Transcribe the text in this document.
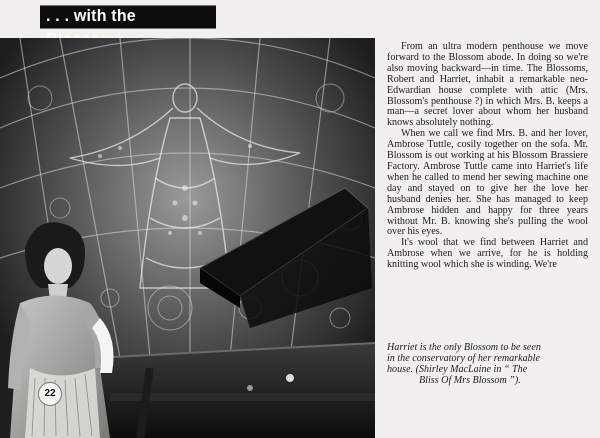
. . . with the
22

From an ultra modern penthouse we move forward to the Blossom abode. In doing so we're also moving backward—in time. The Blossoms, Robert and Harriet, inhabit a remarkable neo-Edwardian house complete with attic (Mrs. Blossom's penthouse ?) in which Mrs. B. keeps a man—a secret lover about whom her husband knows absolutely nothing.

When we call we find Mrs. B. and her lover, Ambrose Tuttle, cosily together on the sofa. Mr. Blossom is out working at his Blossom Brassiere Factory. Ambrose Tuttle came into Harriet's life when he called to mend her sewing machine one day and stayed on to give her the love her husband denies her. She has managed to keep Ambrose hidden and happy for three years without Mr. B. knowing she's pulling the wool over his eyes.

It's wool that we find between Harriet and Ambrose when we arrive, for he is holding knitting wool which she is winding. We're

Harriet is the only Blossom to be seen
in the conservatory of her remarkable
house. (Shirley MacLaine in “ The
Bliss Of Mrs Blossom ”).
